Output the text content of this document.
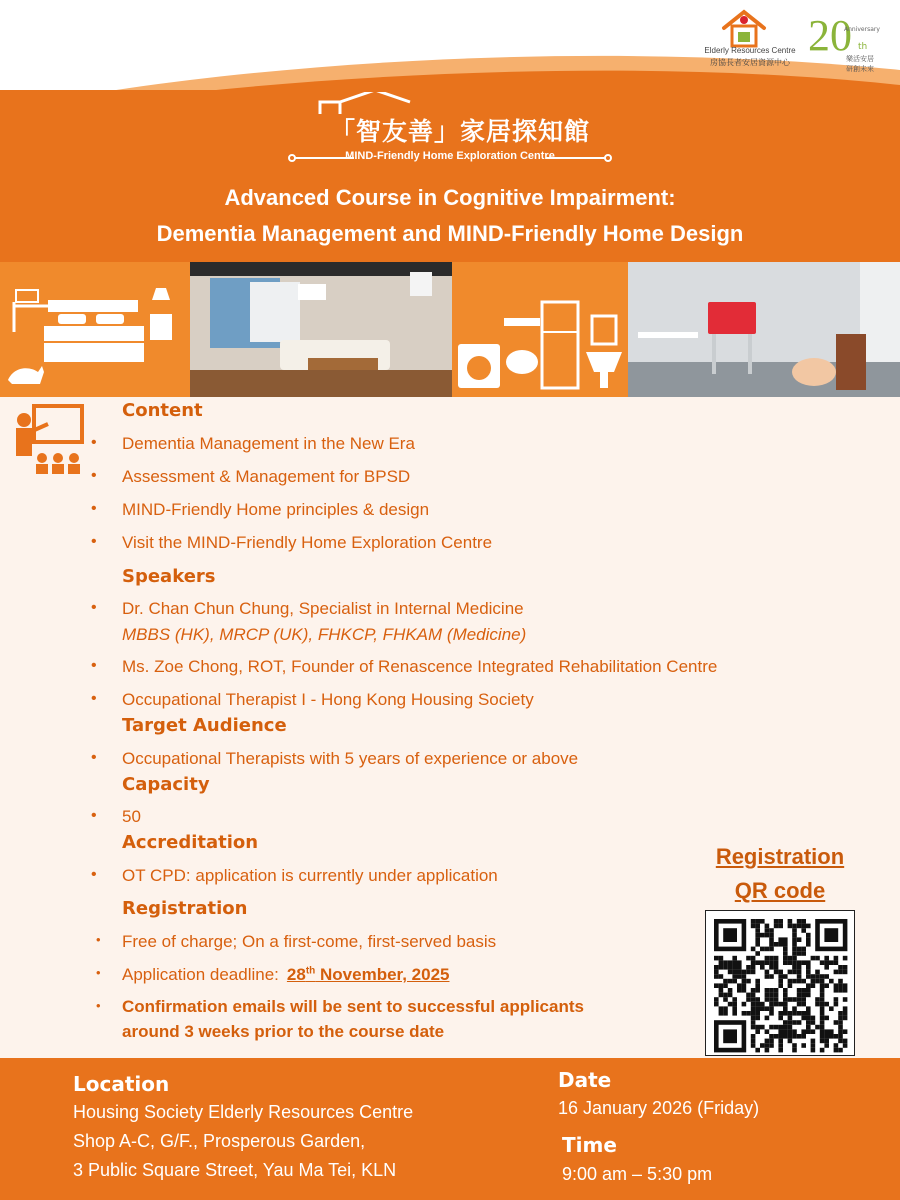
Elderly Resources Centre
房協長者安居資源中心
20
Anniversary
th
樂活安居
研創未來
「智友善」家居探知館
MIND-Friendly Home Exploration Centre
Advanced Course in Cognitive Impairment:
Dementia Management and MIND-Friendly Home Design
Content
• Dementia Management in the New Era
• Assessment & Management for BPSD
• MIND-Friendly Home principles & design
• Visit the MIND-Friendly Home Exploration Centre
Speakers
• Dr. Chan Chun Chung, Specialist in Internal Medicine
MBBS (HK), MRCP (UK), FHKCP, FHKAM (Medicine)
• Ms. Zoe Chong, ROT, Founder of Renascence Integrated Rehabilitation Centre
• Occupational Therapist I - Hong Kong Housing Society
Target Audience
• Occupational Therapists with 5 years of experience or above
Capacity
• 50
Accreditation
• OT CPD: application is currently under application
Registration
• Free of charge; On a first-come, first-served basis
• Application deadline: 28th November, 2025
• Confirmation emails will be sent to successful applicants
around 3 weeks prior to the course date
Registration
QR code
Location
Housing Society Elderly Resources Centre
Shop A-C, G/F., Prosperous Garden,
3 Public Square Street, Yau Ma Tei, KLN
Date
16 January 2026 (Friday)
Time
9:00 am – 5:30 pm
